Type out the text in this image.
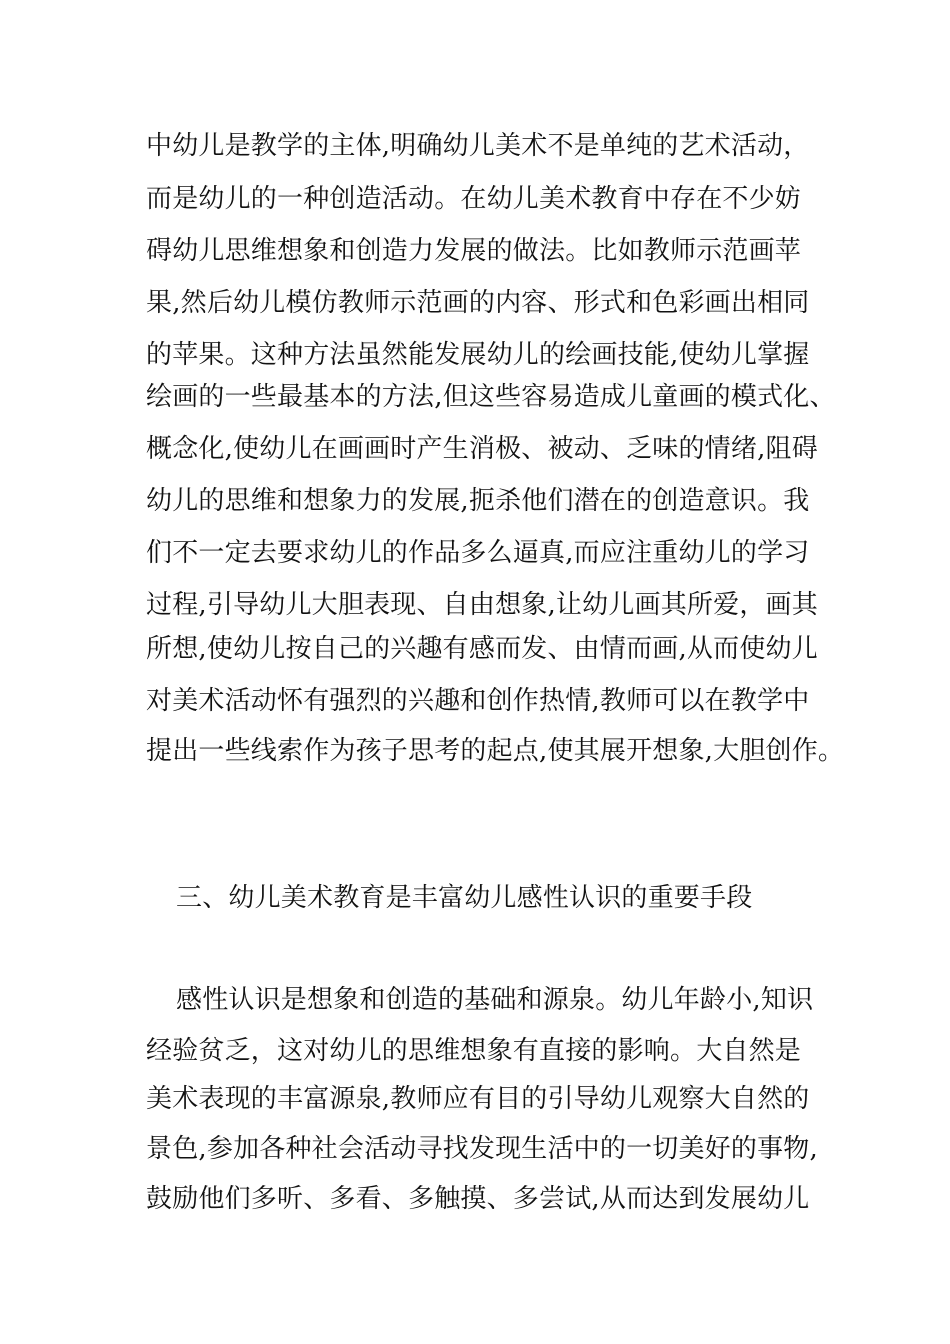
中幼儿是教学的主体,明确幼儿美术不是单纯的艺术活动，
而是幼儿的一种创造活动。在幼儿美术教育中存在不少妨
碍幼儿思维想象和创造力发展的做法。比如教师示范画苹
果,然后幼儿模仿教师示范画的内容、形式和色彩画出相同
的苹果。这种方法虽然能发展幼儿的绘画技能,使幼儿掌握
绘画的一些最基本的方法,但这些容易造成儿童画的模式化、
概念化,使幼儿在画画时产生消极、被动、乏味的情绪,阻碍
幼儿的思维和想象力的发展,扼杀他们潜在的创造意识。我
们不一定去要求幼儿的作品多么逼真,而应注重幼儿的学习
过程,引导幼儿大胆表现、自由想象,让幼儿画其所爱，画其
所想,使幼儿按自己的兴趣有感而发、由情而画,从而使幼儿
对美术活动怀有强烈的兴趣和创作热情,教师可以在教学中
提出一些线索作为孩子思考的起点,使其展开想象,大胆创作。
三、幼儿美术教育是丰富幼儿感性认识的重要手段
感性认识是想象和创造的基础和源泉。幼儿年龄小,知识
经验贫乏，这对幼儿的思维想象有直接的影响。大自然是
美术表现的丰富源泉,教师应有目的引导幼儿观察大自然的
景色,参加各种社会活动寻找发现生活中的一切美好的事物,
鼓励他们多听、多看、多触摸、多尝试,从而达到发展幼儿
